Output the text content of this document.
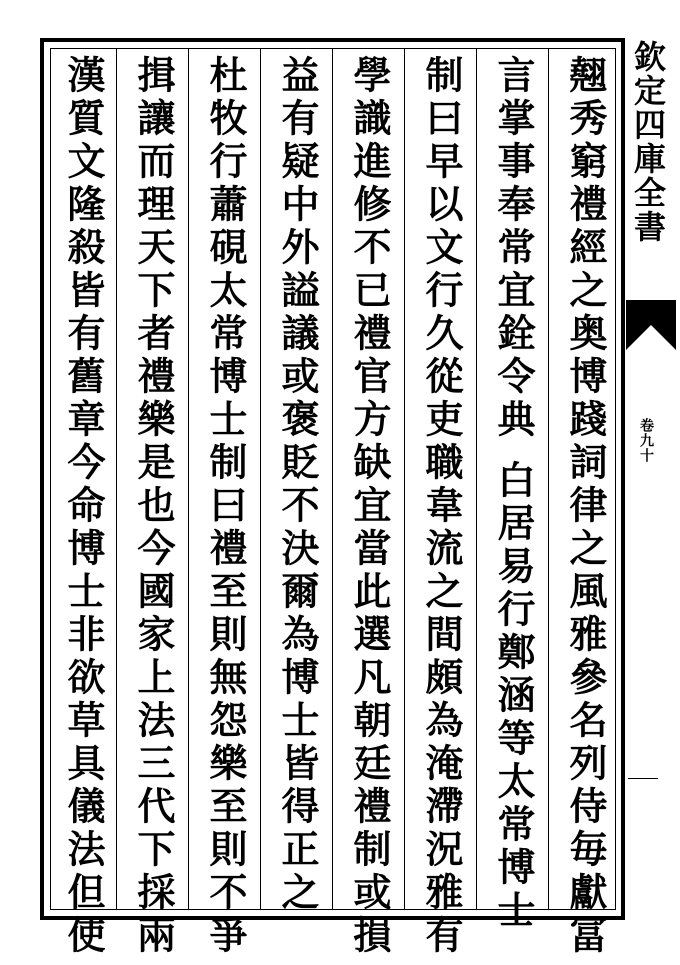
翹秀窮禮經之奥博踐詞律之風雅參名列侍毎獻冨
言掌事奉常宜銓令典
白居易行鄭涵等太常博士
制曰早以文行久從吏職韋流之間頗為淹滯況雅有
學識進修不已禮官方缺宜當此選凡朝廷禮制或損
益有疑中外謚議或褒貶不決爾為博士皆得正之
杜牧行蕭硯太常博士制曰禮至則無怨樂至則不爭
揖讓而理天下者禮樂是也今國家上法三代下採兩
漢質文隆殺皆有舊章今命博士非欲草具儀法但使	欽定四庫全書
卷九十
